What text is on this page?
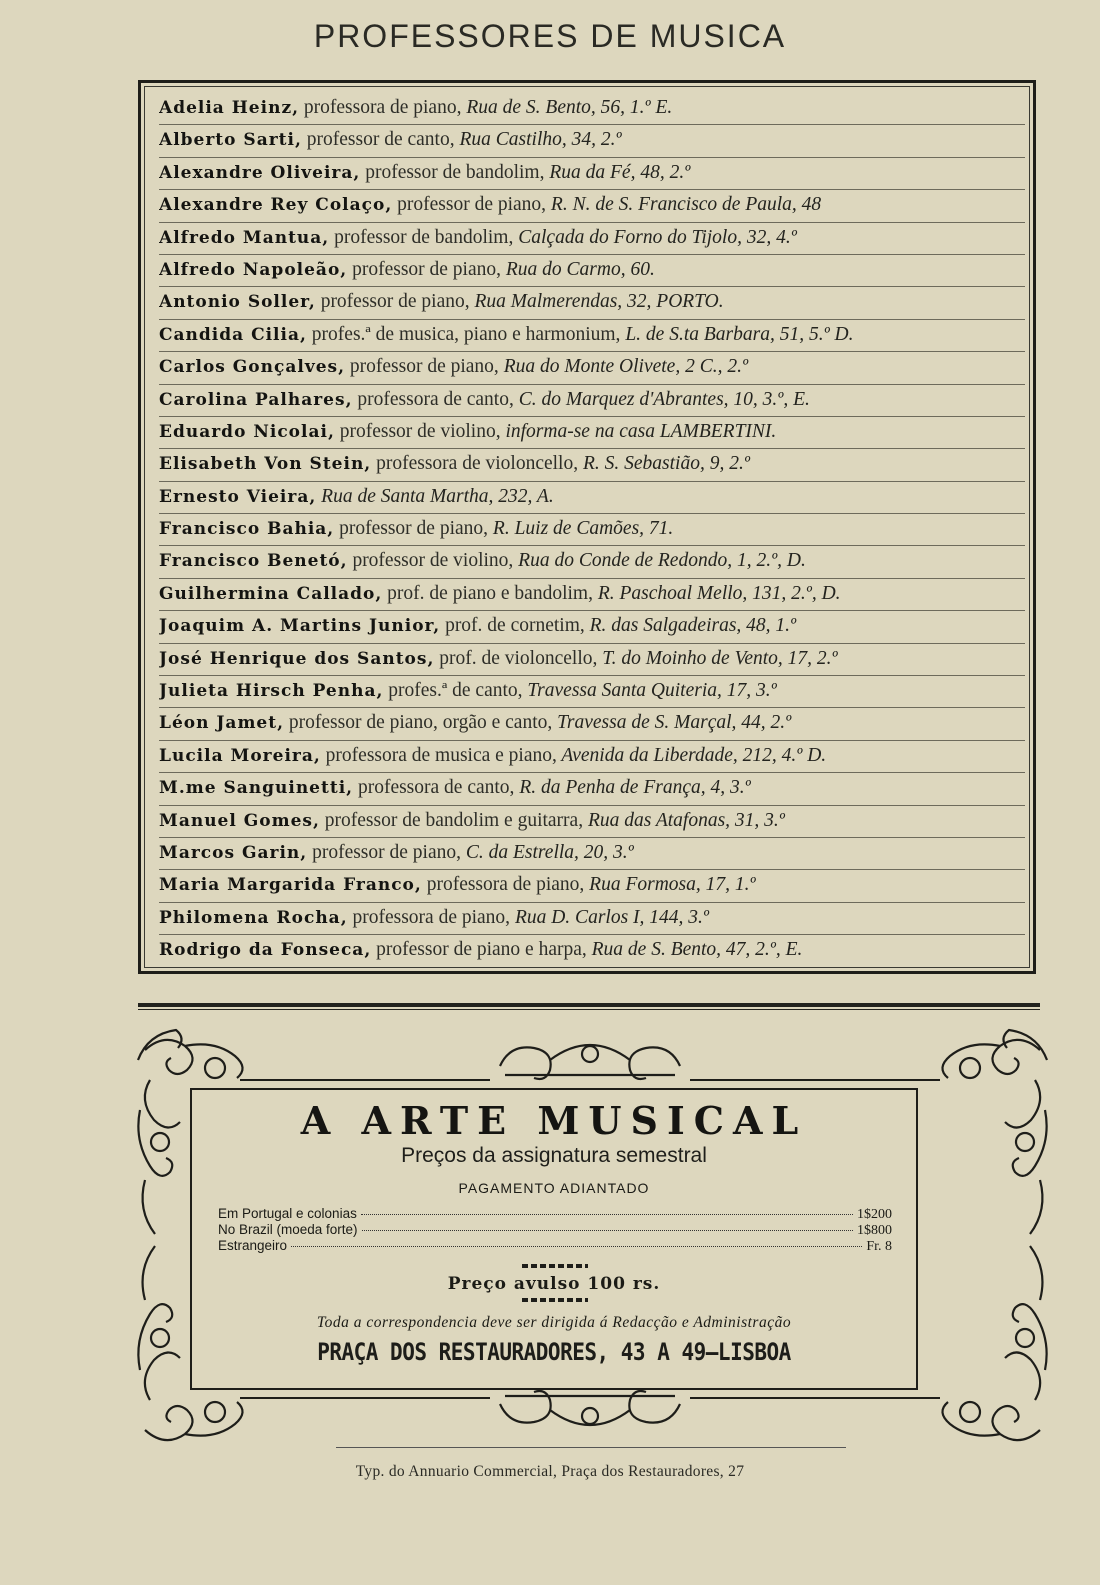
PROFESSORES DE MUSICA
Adelia Heinz, professora de piano, Rua de S. Bento, 56, 1.º E.
Alberto Sarti, professor de canto, Rua Castilho, 34, 2.º
Alexandre Oliveira, professor de bandolim, Rua da Fé, 48, 2.º
Alexandre Rey Colaço, professor de piano, R. N. de S. Francisco de Paula, 48
Alfredo Mantua, professor de bandolim, Calçada do Forno do Tijolo, 32, 4.º
Alfredo Napoleão, professor de piano, Rua do Carmo, 60.
Antonio Soller, professor de piano, Rua Malmerendas, 32, PORTO.
Candida Cilia, profes.ª de musica, piano e harmonium, L. de S.ta Barbara, 51, 5.º D.
Carlos Gonçalves, professor de piano, Rua do Monte Olivete, 2 C., 2.º
Carolina Palhares, professora de canto, C. do Marquez d'Abrantes, 10, 3.º, E.
Eduardo Nicolai, professor de violino, informa-se na casa LAMBERTINI.
Elisabeth Von Stein, professora de violoncello, R. S. Sebastião, 9, 2.º
Ernesto Vieira, Rua de Santa Martha, 232, A.
Francisco Bahia, professor de piano, R. Luiz de Camões, 71.
Francisco Benetó, professor de violino, Rua do Conde de Redondo, 1, 2.º, D.
Guilhermina Callado, prof. de piano e bandolim, R. Paschoal Mello, 131, 2.º, D.
Joaquim A. Martins Junior, prof. de cornetim, R. das Salgadeiras, 48, 1.º
José Henrique dos Santos, prof. de violoncello, T. do Moinho de Vento, 17, 2.º
Julieta Hirsch Penha, profes.ª de canto, Travessa Santa Quiteria, 17, 3.º
Léon Jamet, professor de piano, orgão e canto, Travessa de S. Marçal, 44, 2.º
Lucila Moreira, professora de musica e piano, Avenida da Liberdade, 212, 4.º D.
M.me Sanguinetti, professora de canto, R. da Penha de França, 4, 3.º
Manuel Gomes, professor de bandolim e guitarra, Rua das Atafonas, 31, 3.º
Marcos Garin, professor de piano, C. da Estrella, 20, 3.º
Maria Margarida Franco, professora de piano, Rua Formosa, 17, 1.º
Philomena Rocha, professora de piano, Rua D. Carlos I, 144, 3.º
Rodrigo da Fonseca, professor de piano e harpa, Rua de S. Bento, 47, 2.º, E.
A ARTE MUSICAL
Preços da assignatura semestral
PAGAMENTO ADIANTADO
Em Portugal e colonias	1$200
No Brazil (moeda forte)	1$800
Estrangeiro	Fr. 8
Preço avulso 100 rs.
Toda a correspondencia deve ser dirigida á Redacção e Administração
PRAÇA DOS RESTAURADORES, 43 A 49—LISBOA
Typ. do Annuario Commercial, Praça dos Restauradores, 27
